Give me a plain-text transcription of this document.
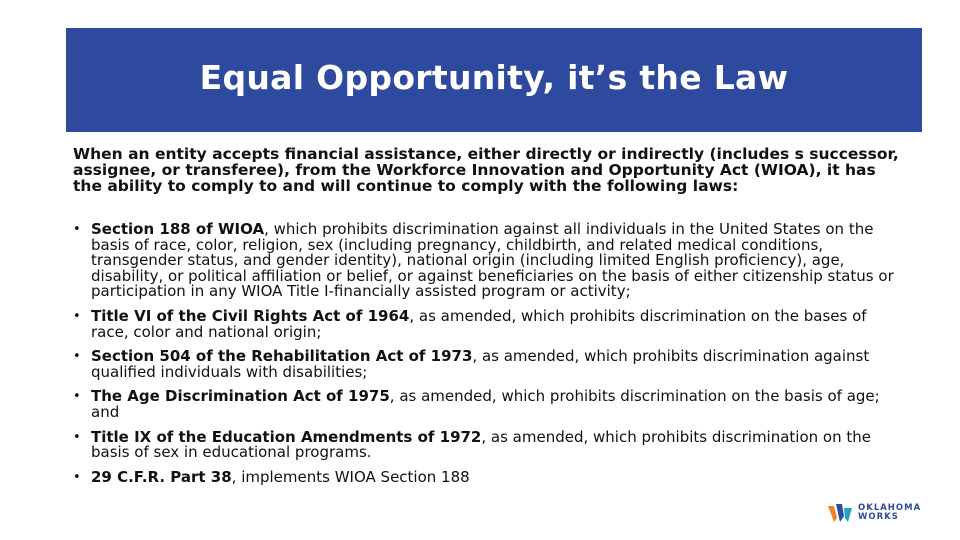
Equal Opportunity, it’s the Law

When an entity accepts financial assistance, either directly or indirectly (includes s successor, assignee, or transferee), from the Workforce Innovation and Opportunity Act (WIOA), it has the ability to comply to and will continue to comply with the following laws:

• Section 188 of WIOA, which prohibits discrimination against all individuals in the United States on the basis of race, color, religion, sex (including pregnancy, childbirth, and related medical conditions, transgender status, and gender identity), national origin (including limited English proficiency), age, disability, or political affiliation or belief, or against beneficiaries on the basis of either citizenship status or participation in any WIOA Title I-financially assisted program or activity;
• Title VI of the Civil Rights Act of 1964, as amended, which prohibits discrimination on the bases of race, color and national origin;
• Section 504 of the Rehabilitation Act of 1973, as amended, which prohibits discrimination against qualified individuals with disabilities;
• The Age Discrimination Act of 1975, as amended, which prohibits discrimination on the basis of age; and
• Title IX of the Education Amendments of 1972, as amended, which prohibits discrimination on the basis of sex in educational programs.
• 29 C.F.R. Part 38, implements WIOA Section 188
OKLAHOMA
WORKS
